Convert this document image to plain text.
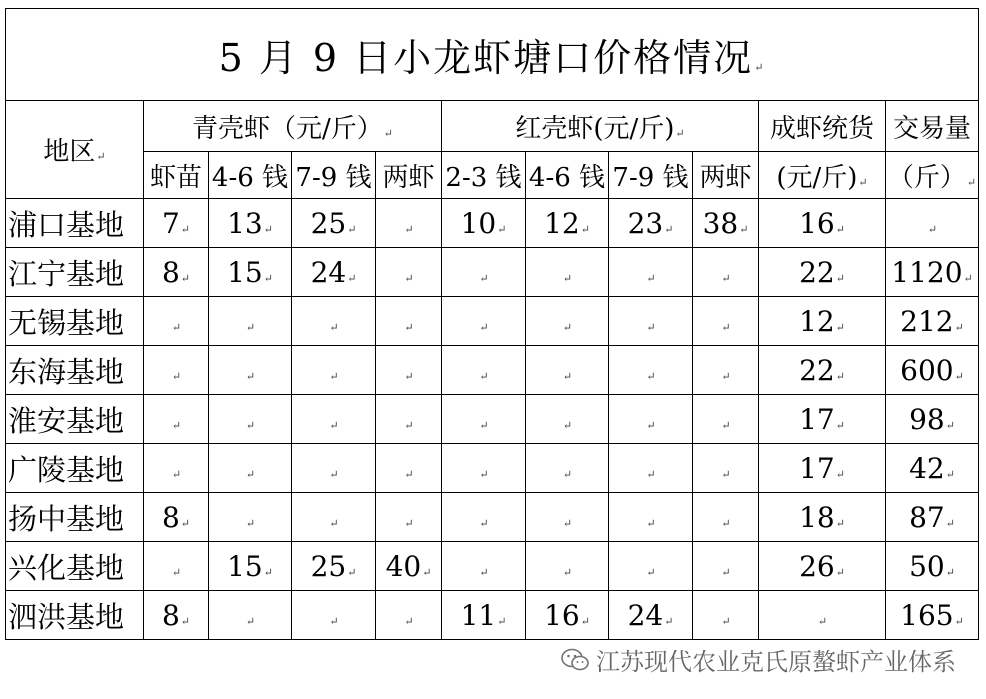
5 月 9 日小龙虾塘口价格情况↵										
地区↵	青壳虾（元/斤）↵				红壳虾(元/斤)↵				成虾统货	交易量
	虾苗	4-6 钱	7-9 钱	两虾	2-3 钱	4-6 钱	7-9 钱	两虾	(元/斤)↵	（斤）↵
浦口基地	7↵	13↵	25↵	↵	10↵	12↵	23↵	38↵	16↵	↵
江宁基地	8↵	15↵	24↵	↵	↵	↵	↵	↵	22↵	1120↵
无锡基地	↵	↵	↵	↵	↵	↵	↵	↵	12↵	212↵
东海基地	↵	↵	↵	↵	↵	↵	↵	↵	22↵	600↵
淮安基地	↵	↵	↵	↵	↵	↵	↵	↵	17↵	98↵
广陵基地	↵	↵	↵	↵	↵	↵	↵	↵	17↵	42↵
扬中基地	8↵	↵	↵	↵	↵	↵	↵	↵	18↵	87↵
兴化基地	↵	15↵	25↵	40↵	↵	↵	↵	↵	26↵	50↵
泗洪基地	8↵	↵	↵	↵	11↵	16↵	24↵	↵	↵	165↵
江苏现代农业克氏原螯虾产业体系
